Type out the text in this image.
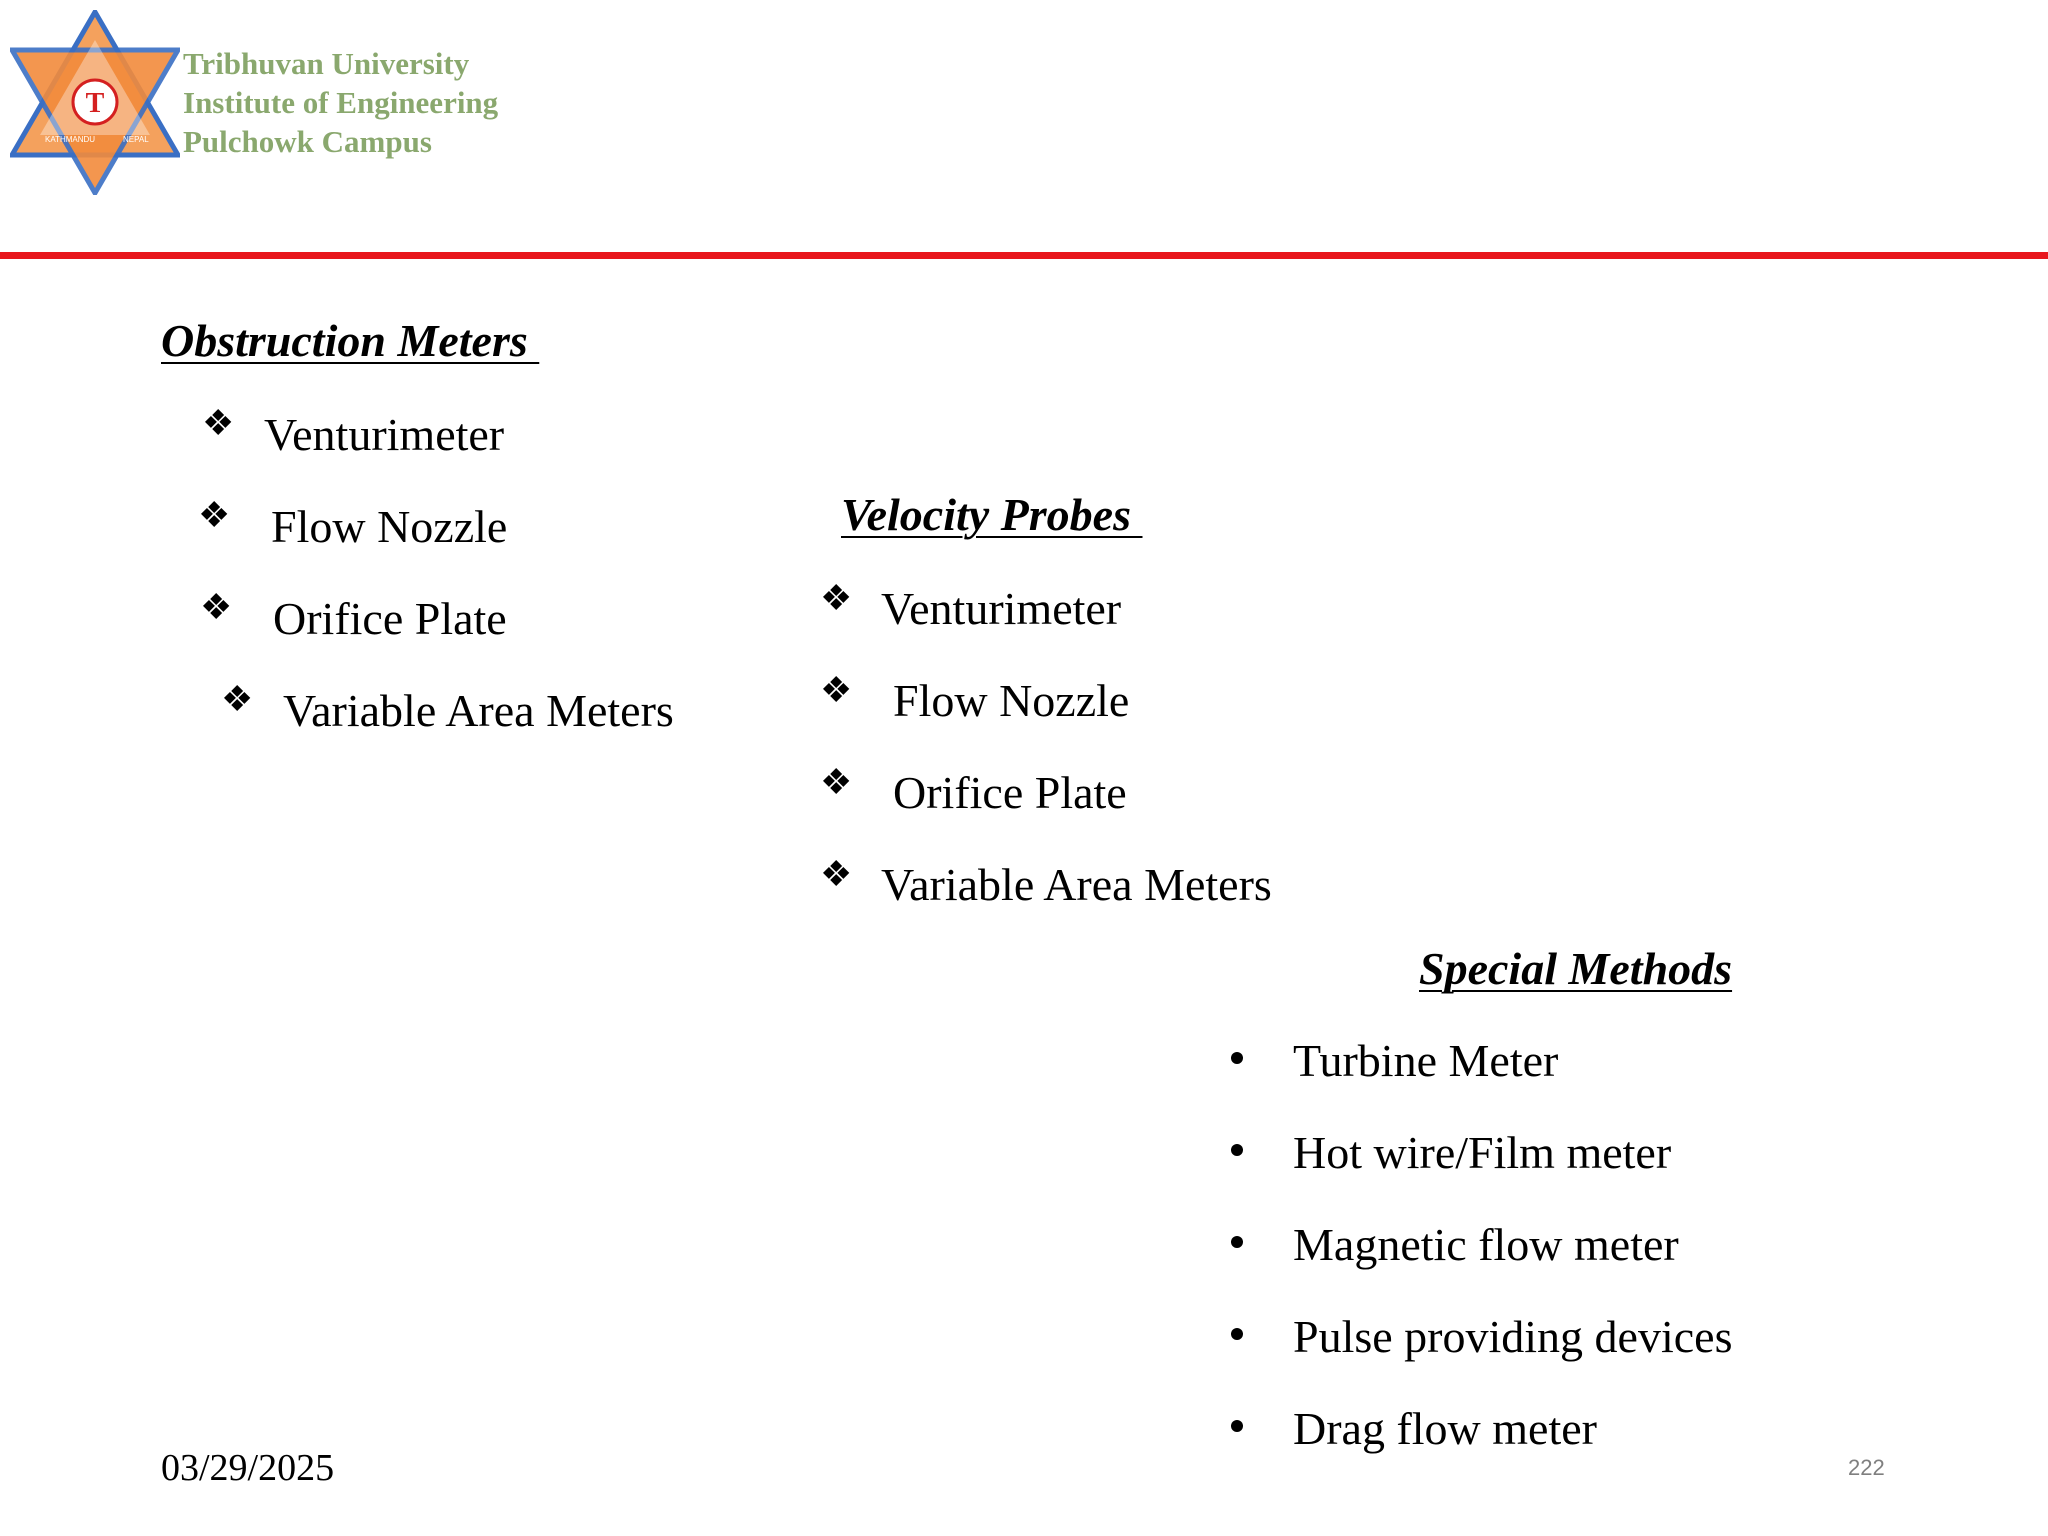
T
KATHMANDU	NEPAL
Tribhuvan University
Institute of Engineering
Pulchowk Campus
Obstruction Meters
❖ Venturimeter
❖ Flow Nozzle
❖ Orifice Plate
❖ Variable Area Meters
Velocity Probes
❖ Venturimeter
❖ Flow Nozzle
❖ Orifice Plate
❖ Variable Area Meters
Special Methods
Turbine Meter
Hot wire/Film meter
Magnetic flow meter
Pulse providing devices
Drag flow meter
03/29/2025	222
